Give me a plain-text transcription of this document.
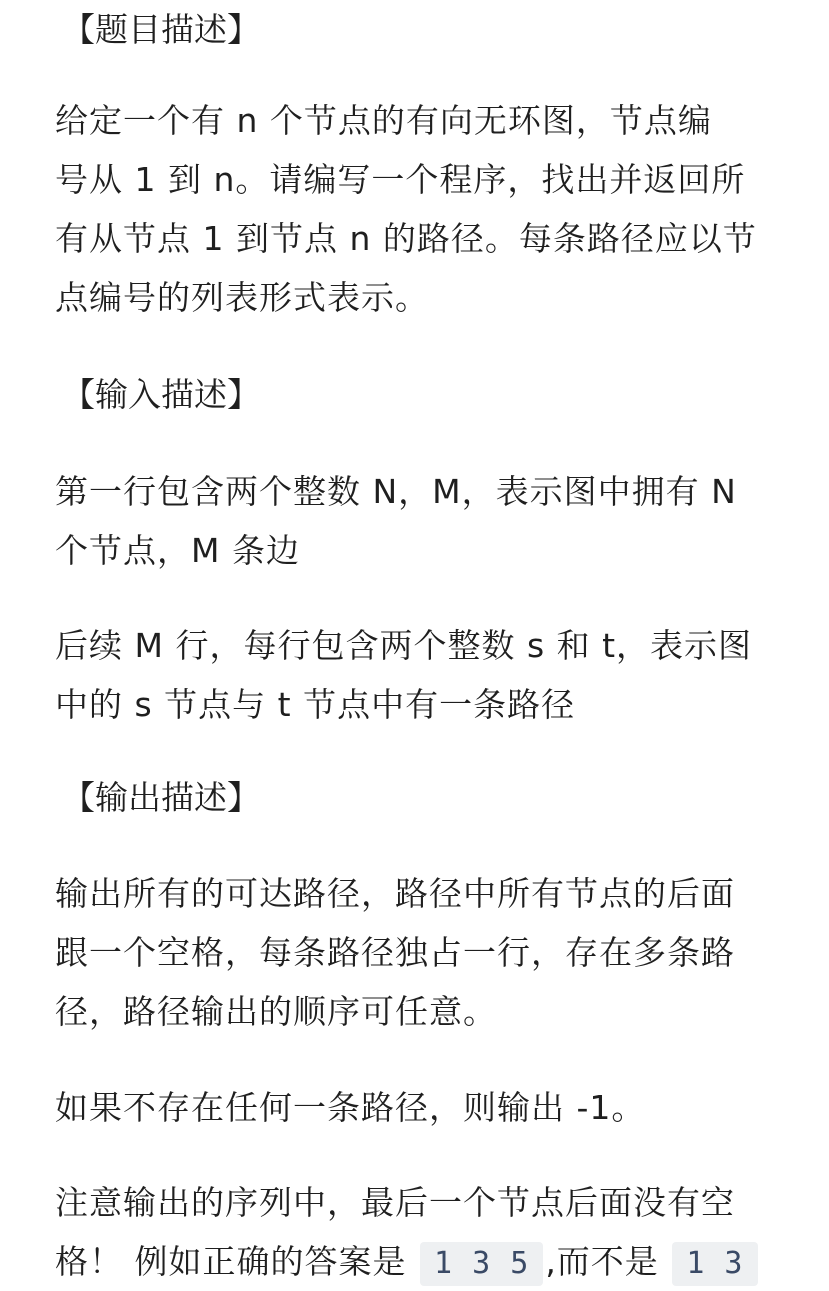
【题目描述】
给定一个有 n 个节点的有向无环图，节点编
号从 1 到 n。请编写一个程序，找出并返回所
有从节点 1 到节点 n 的路径。每条路径应以节
点编号的列表形式表示。
【输入描述】
第一行包含两个整数 N，M，表示图中拥有 N
个节点，M 条边
后续 M 行，每行包含两个整数 s 和 t，表示图
中的 s 节点与 t 节点中有一条路径
【输出描述】
输出所有的可达路径，路径中所有节点的后面
跟一个空格，每条路径独占一行，存在多条路
径，路径输出的顺序可任意。
如果不存在任何一条路径，则输出 -1。
注意输出的序列中，最后一个节点后面没有空
格！ 例如正确的答案是 1 3 5 ,而不是 1 3
